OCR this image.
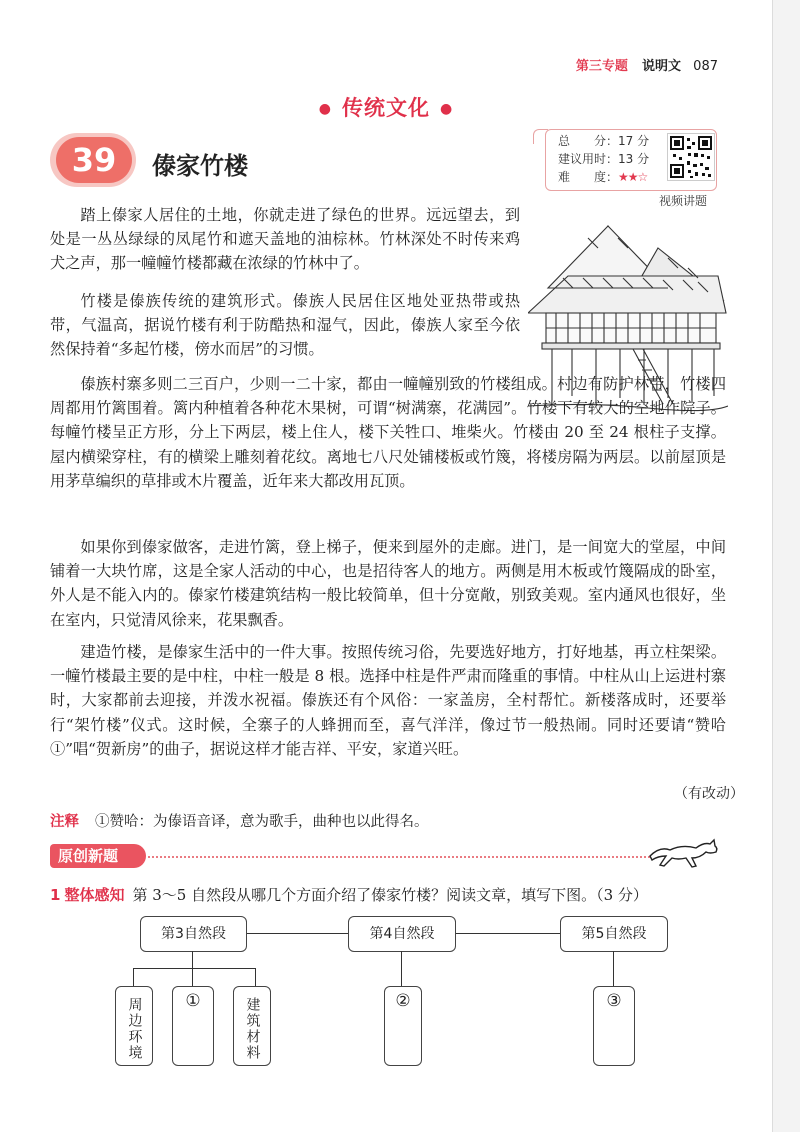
第三专题 说明文 087
● 传统文化 ●
39	傣家竹楼
总　　分：17 分
建议用时：13 分
难　　度：★★☆
视频讲题

踏上傣家人居住的土地，你就走进了绿色的世界。远远望去，到处是一丛丛绿绿的凤尾竹和遮天盖地的油棕林。竹林深处不时传来鸡犬之声，那一幢幢竹楼都藏在浓绿的竹林中了。

竹楼是傣族传统的建筑形式。傣族人民居住区地处亚热带或热带，气温高，据说竹楼有利于防酷热和湿气，因此，傣族人家至今依然保持着“多起竹楼，傍水而居”的习惯。

傣族村寨多则二三百户，少则一二十家，都由一幢幢别致的竹楼组成。村边有防护林带，竹楼四周都用竹篱围着。篱内种植着各种花木果树，可谓“树满寨，花满园”。竹楼下有较大的空地作院子。每幢竹楼呈正方形，分上下两层，楼上住人，楼下关牲口、堆柴火。竹楼由 20 至 24 根柱子支撑。屋内横梁穿柱，有的横梁上雕刻着花纹。离地七八尺处铺楼板或竹篾，将楼房隔为两层。以前屋顶是用茅草编织的草排或木片覆盖，近年来大都改用瓦顶。

如果你到傣家做客，走进竹篱，登上梯子，便来到屋外的走廊。进门，是一间宽大的堂屋，中间铺着一大块竹席，这是全家人活动的中心，也是招待客人的地方。两侧是用木板或竹篾隔成的卧室，外人是不能入内的。傣家竹楼建筑结构一般比较简单，但十分宽敞，别致美观。室内通风也很好，坐在室内，只觉清风徐来，花果飘香。

建造竹楼，是傣家生活中的一件大事。按照传统习俗，先要选好地方，打好地基，再立柱架梁。一幢竹楼最主要的是中柱，中柱一般是 8 根。选择中柱是件严肃而隆重的事情。中柱从山上运进村寨时，大家都前去迎接，并泼水祝福。傣族还有个风俗：一家盖房，全村帮忙。新楼落成时，还要举行“架竹楼”仪式。这时候，全寨子的人蜂拥而至，喜气洋洋，像过节一般热闹。同时还要请“赞哈①”唱“贺新房”的曲子，据说这样才能吉祥、平安，家道兴旺。

（有改动）
注释 ①赞哈：为傣语音译，意为歌手，曲种也以此得名。
原创新题
1 整体感知 第 3～5 自然段从哪几个方面介绍了傣家竹楼？阅读文章，填写下图。（3 分）
第3自然段	第4自然段	第5自然段
周边环境	①	建筑材料	②	③
